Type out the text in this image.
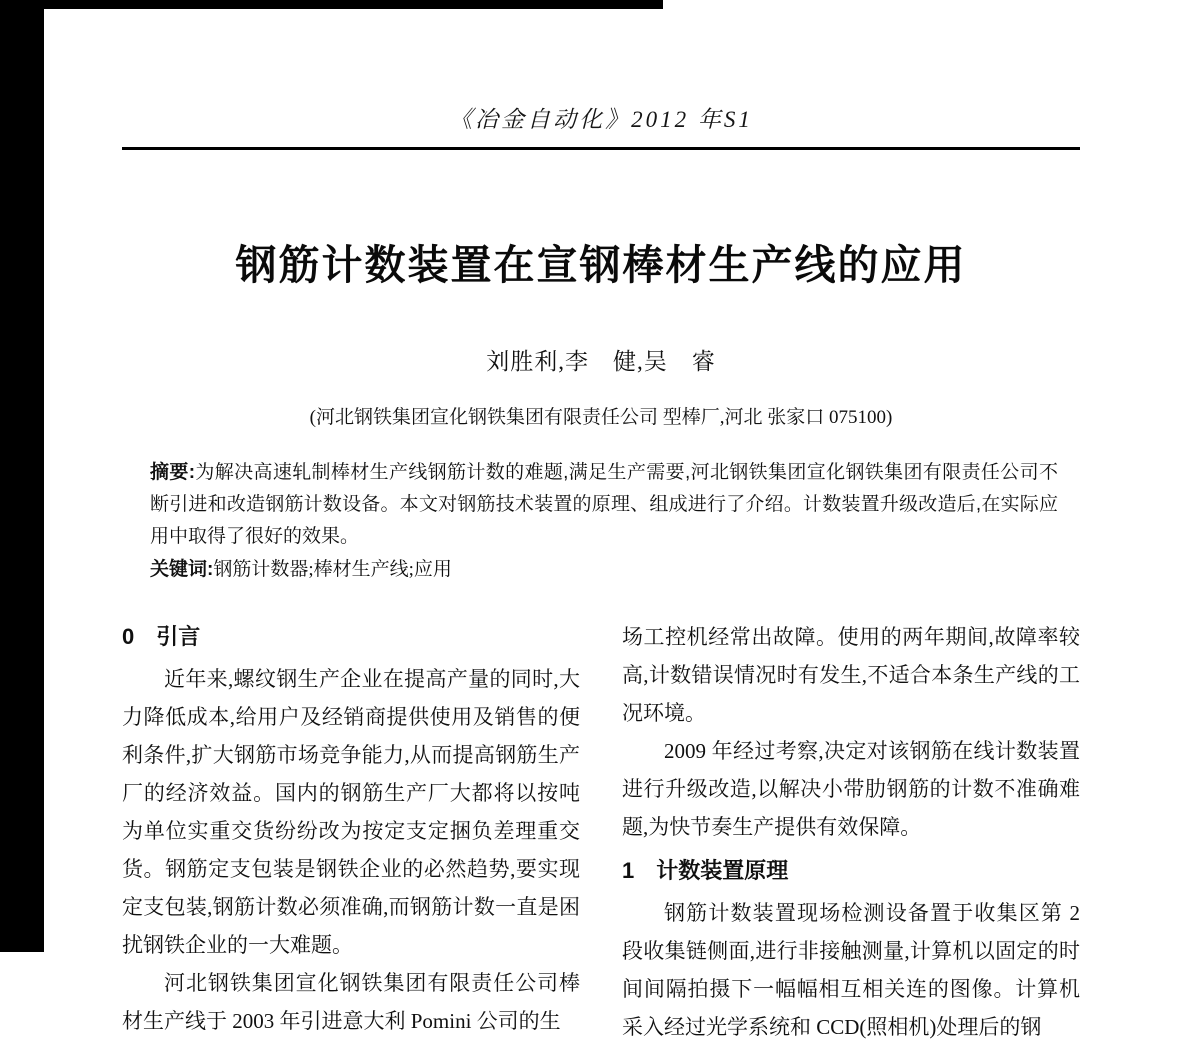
《冶金自动化》2012 年S1
钢筋计数装置在宣钢棒材生产线的应用
刘胜利,李　健,吴　睿
(河北钢铁集团宣化钢铁集团有限责任公司 型棒厂,河北 张家口 075100)
摘要:为解决高速轧制棒材生产线钢筋计数的难题,满足生产需要,河北钢铁集团宣化钢铁集团有限责任公司不断引进和改造钢筋计数设备。本文对钢筋技术装置的原理、组成进行了介绍。计数装置升级改造后,在实际应用中取得了很好的效果。
关键词:钢筋计数器;棒材生产线;应用
0　引言

近年来,螺纹钢生产企业在提高产量的同时,大力降低成本,给用户及经销商提供使用及销售的便利条件,扩大钢筋市场竞争能力,从而提高钢筋生产厂的经济效益。国内的钢筋生产厂大都将以按吨为单位实重交货纷纷改为按定支定捆负差理重交货。钢筋定支包装是钢铁企业的必然趋势,要实现定支包装,钢筋计数必须准确,而钢筋计数一直是困扰钢铁企业的一大难题。

河北钢铁集团宣化钢铁集团有限责任公司棒材生产线于 2003 年引进意大利 Pomini 公司的生

场工控机经常出故障。使用的两年期间,故障率较高,计数错误情况时有发生,不适合本条生产线的工况环境。

2009 年经过考察,决定对该钢筋在线计数装置进行升级改造,以解决小带肋钢筋的计数不准确难题,为快节奏生产提供有效保障。

1　计数装置原理

钢筋计数装置现场检测设备置于收集区第 2 段收集链侧面,进行非接触测量,计算机以固定的时间间隔拍摄下一幅幅相互相关连的图像。计算机采入经过光学系统和 CCD(照相机)处理后的钢
